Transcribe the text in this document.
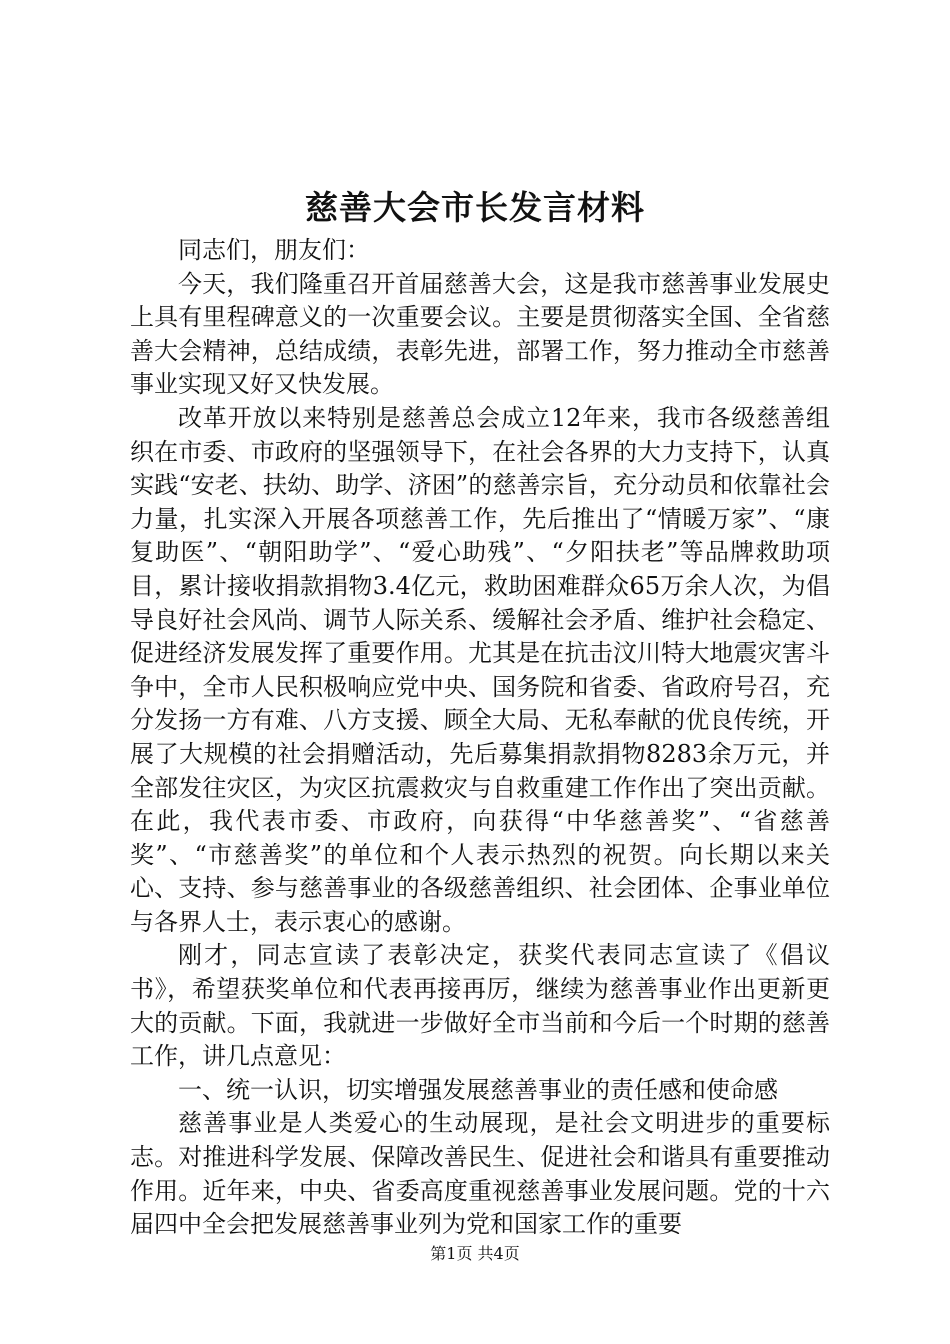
慈善大会市长发言材料

同志们，朋友们：

今天，我们隆重召开首届慈善大会，这是我市慈善事业发展史上具有里程碑意义的一次重要会议。主要是贯彻落实全国、全省慈善大会精神，总结成绩，表彰先进，部署工作，努力推动全市慈善事业实现又好又快发展。

改革开放以来特别是慈善总会成立12年来，我市各级慈善组织在市委、市政府的坚强领导下，在社会各界的大力支持下，认真实践“安老、扶幼、助学、济困”的慈善宗旨，充分动员和依靠社会力量，扎实深入开展各项慈善工作，先后推出了“情暖万家”、“康复助医”、“朝阳助学”、“爱心助残”、“夕阳扶老”等品牌救助项目，累计接收捐款捐物3.4亿元，救助困难群众65万余人次，为倡导良好社会风尚、调节人际关系、缓解社会矛盾、维护社会稳定、促进经济发展发挥了重要作用。尤其是在抗击汶川特大地震灾害斗争中，全市人民积极响应党中央、国务院和省委、省政府号召，充分发扬一方有难、八方支援、顾全大局、无私奉献的优良传统，开展了大规模的社会捐赠活动，先后募集捐款捐物8283余万元，并全部发往灾区，为灾区抗震救灾与自救重建工作作出了突出贡献。在此，我代表市委、市政府，向获得“中华慈善奖”、“省慈善奖”、“市慈善奖”的单位和个人表示热烈的祝贺。向长期以来关心、支持、参与慈善事业的各级慈善组织、社会团体、企事业单位与各界人士，表示衷心的感谢。

刚才，同志宣读了表彰决定，获奖代表同志宣读了《倡议书》，希望获奖单位和代表再接再厉，继续为慈善事业作出更新更大的贡献。下面，我就进一步做好全市当前和今后一个时期的慈善工作，讲几点意见：

一、统一认识，切实增强发展慈善事业的责任感和使命感

慈善事业是人类爱心的生动展现，是社会文明进步的重要标志。对推进科学发展、保障改善民生、促进社会和谐具有重要推动作用。近年来，中央、省委高度重视慈善事业发展问题。党的十六届四中全会把发展慈善事业列为党和国家工作的重要

第1页 共4页
